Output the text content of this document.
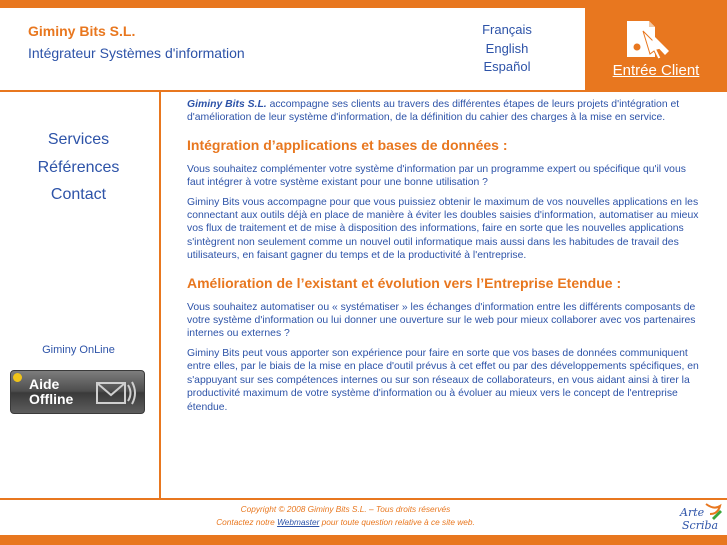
Giminy Bits S.L.
Intégrateur Systèmes d'information
Français
English
Español	Entrée Client
Services
Références
Contact
Giminy OnLine
Aide
Offline

Giminy Bits S.L. accompagne ses clients au travers des différentes étapes de leurs projets d'intégration et d'amélioration de leur système d'information, de la définition du cahier des charges à la mise en service.

Intégration d’applications et bases de données :

Vous souhaitez complémenter votre système d'information par un programme expert ou spécifique qu'il vous faut intégrer à votre système existant pour une bonne utilisation ?

Giminy Bits vous accompagne pour que vous puissiez obtenir le maximum de vos nouvelles applications en les connectant aux outils déjà en place de manière à éviter les doubles saisies d'information, automatiser au mieux vos flux de traitement et de mise à disposition des informations, faire en sorte que les nouvelles applications s'intègrent non seulement comme un nouvel outil informatique mais aussi dans les habitudes de travail des utilisateurs, en faisant gagner du temps et de la productivité à l'entreprise.

Amélioration de l’existant et évolution vers l’Entreprise Etendue :

Vous souhaitez automatiser ou « systématiser » les échanges d'information entre les différents composants de votre système d'information ou lui donner une ouverture sur le web pour mieux collaborer avec vos partenaires internes ou externes ?

Giminy Bits peut vous apporter son expérience pour faire en sorte que vos bases de données communiquent entre elles, par le biais de la mise en place d'outil prévus à cet effet ou par des développements spécifiques, en s'appuyant sur ses compétences internes ou sur son réseaux de collaborateurs, en vous aidant ainsi à tirer la productivité maximum de votre système d'information ou à évoluer au mieux vers le concept de l'entreprise étendue.

Copyright © 2008 Giminy Bits S.L. – Tous droits réservés
Contactez notre Webmaster pour toute question relative à ce site web.
Arte
Scriba
